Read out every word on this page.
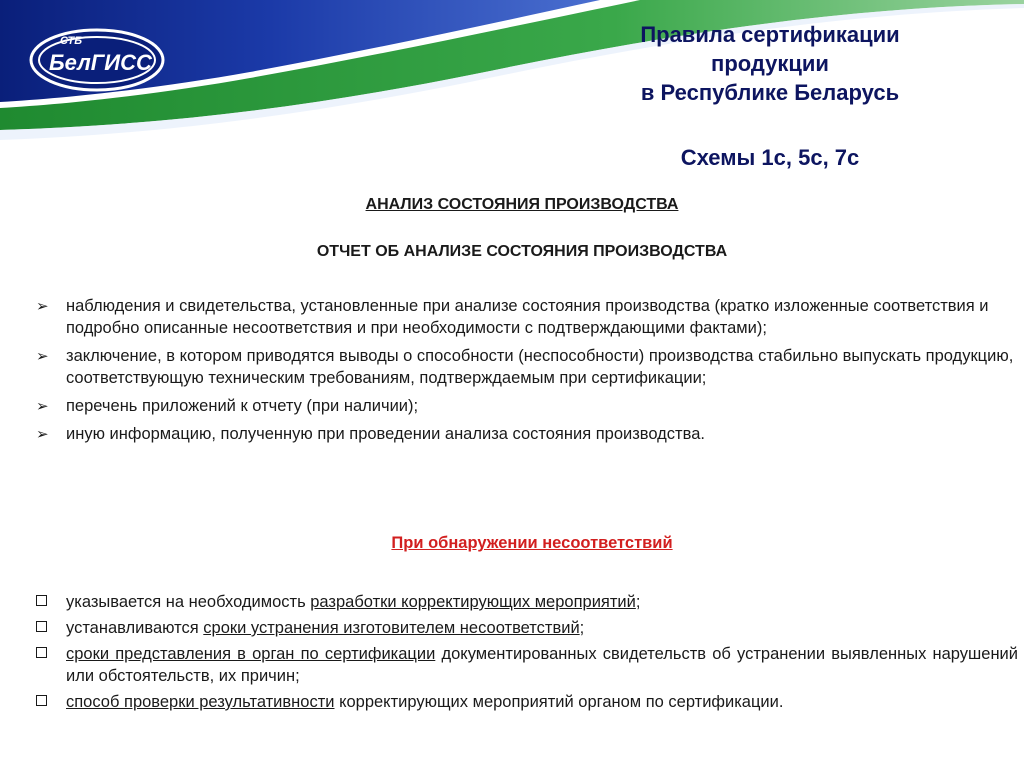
СТБ
БелГИСС
Правила сертификации
продукции
в Республике Беларусь
Схемы 1с, 5с, 7с
АНАЛИЗ СОСТОЯНИЯ ПРОИЗВОДСТВА
ОТЧЕТ ОБ АНАЛИЗЕ СОСТОЯНИЯ ПРОИЗВОДСТВА
➢	наблюдения и свидетельства, установленные при анализе состояния производства (кратко изложенные соответствия и подробно описанные несоответствия и при необходимости с подтверждающими фактами);
➢	заключение, в котором приводятся выводы о способности (неспособности) производства стабильно выпускать продукцию, соответствующую техническим требованиям, подтверждаемым при сертификации;
➢	перечень приложений к отчету (при наличии);
➢	иную информацию, полученную при проведении анализа состояния производства.
При обнаружении несоответствий
указывается на необходимость разработки корректирующих мероприятий;
устанавливаются сроки устранения изготовителем несоответствий;
сроки представления в орган по сертификации документированных свидетельств об устранении выявленных нарушений или обстоятельств, их причин;
способ проверки результативности корректирующих мероприятий органом по сертификации.
